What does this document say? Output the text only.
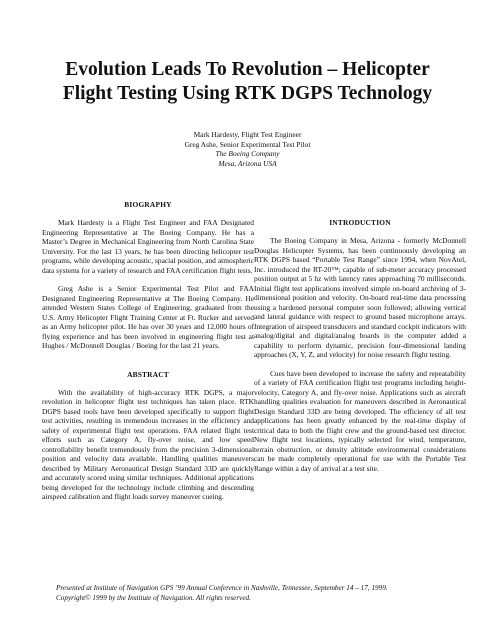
Evolution Leads To Revolution – Helicopter
Flight Testing Using RTK DGPS Technology
Mark Hardesty, Flight Test Engineer
Greg Ashe, Senior Experimental Test Pilot
The Boeing Company
Mesa, Arizona USA
BIOGRAPHY

Mark Hardesty is a Flight Test Engineer and FAA Designated Engineering Representative at The Boeing Company. He has a Master’s Degree in Mechanical Engineering from North Carolina State University. For the last 13 years, he has been directing helicopter test programs, while developing acoustic, spacial position, and atmospheric data systems for a variety of research and FAA certification flight tests.

Greg Ashe is a Senior Experimental Test Pilot and FAA Designated Engineering Representative at The Boeing Company. He attended Western States College of Engineering, graduated from the U.S. Army Helicopter Flight Training Center at Ft. Rucker and served as an Army helicopter pilot. He has over 30 years and 12,000 hours of flying experience and has been involved in engineering flight test at Hughes / McDonnell Douglas / Boeing for the last 21 years.

ABSTRACT

With the availability of high-accuracy RTK DGPS, a major revolution in helicopter flight test techniques has taken place. RTK DGPS based tools have been developed specifically to support flight test activities, resulting in tremendous increases in the efficiency and safety of experimental flight test operations. FAA related flight test efforts such as Category A, fly-over noise, and low speed controllability benefit tremendously from the precision 3-dimensional position and velocity data available. Handling qualities maneuvers described by Military Aeronautical Design Standard 33D are quickly and accurately scored using similar techniques. Additional applications being developed for the technology include climbing and descending airspeed calibration and flight loads survey maneuver cueing.

INTRODUCTION

The Boeing Company in Mesa, Arizona - formerly McDonnell Douglas Helicopter Systems, has been continuously developing an RTK DGPS based “Portable Test Range” since 1994, when NovAtel, Inc. introduced the RT-20™; capable of sub-meter accuracy processed position output at 5 hz with latency rates approaching 70 milliseconds. Initial flight test applications involved simple on-board archiving of 3-dimensional position and velocity. On-board real-time data processing using a hardened personal computer soon followed; allowing vertical and lateral guidance with respect to ground based microphone arrays. Integration of airspeed transducers and standard cockpit indicators with analog/digital and digital/analog boards in the computer added a capability to perform dynamic, precision four-dimensional landing approaches (X, Y, Z, and velocity) for noise research flight testing.

Cues have been developed to increase the safety and repeatability of a variety of FAA certification flight test programs including height-velocity, Category A, and fly-over noise. Applications such as aircraft handling qualities evaluation for maneuvers described in Aeronautical Design Standard 33D are being developed. The efficiency of all test applications has been greatly enhanced by the real-time display of critical data to both the flight crew and the ground-based test director. New flight test locations, typically selected for wind, temperature, terrain obstruction, or density altitude environmental considerations can be made completely operational for use with the Portable Test Range within a day of arrival at a test site.

Presented at Institute of Navigation GPS ’99 Annual Conference in Nashville, Tennessee, September 14 – 17, 1999.
Copyright© 1999 by the Institute of Navigation. All rights reserved.
